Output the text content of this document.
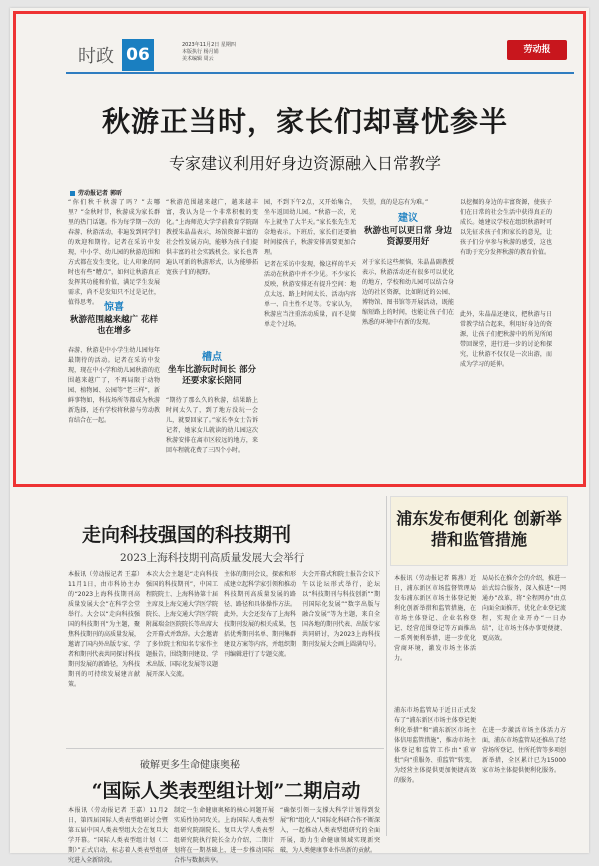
时政 06	2023年11月2日 星期四
本版执行 杨月娟
美术编辑 周云
劳动报
秋游正当时，家长们却喜忧参半
专家建议利用好身边资源融入日常教学
劳动报记者 郭昕
“你们秋千秋游了吗？”去哪里？”金秋时节，秋游成为家长群里的热门话题。作为每学期一次的春游、秋游活动，非遍发到同学们的欢迎和期待。记者在采访中发现，中小学、幼儿园的秋游范围和方式都在发生变化，让人印象的同时也有些“糟点”，如何让秋游真正发挥其功能和价值，满足学生发展需求，尚不是发知只不过是记住，值得思考。 惊喜
秋游范围越来越广 花样也在增多
春游、秋游是中小学生幼儿园每年最期待的活动。记者在采访中发现，现在中小学和幼儿园秋游的范围越来越广了，不再局限于动物园、植物园、公园等“老三样”，新鲜事物如，科技场所等都成为秋游新选择，还有学校将秋游与劳动教育结合在一起。
“秋游范围越来越广，越来越丰富，我认为是一个非常积极的变化。”上海师范大学学前教育学院副教授朱晶晶表示，场馆资源丰富的社会性发展方向，能够为孩子们提供丰富的社会实践机会。家长也普遍认可新的秋游形式，认为能够拓宽孩子们的视野。
槽点
坐车比游玩时间长 部分还要求家长陪同
“期待了那么久的秋游，结果路上时间太久了，到了地方没玩一会儿，就要回家了。”家长李女士告诉记者，她家女儿就读的幼儿园这次秋游安排在离市区较远的地方，来回车程就花费了三四个小时。
园，不到下午2点，又开始集合，坐车返回幼儿园。“秋游一次，光车上就坐了大半天。”家长张先生无奈地表示。下班后，家长们还要抽时间接孩子，秋游安排需要更加合理。
记者在采访中发现，像这样的半天活动在秋游中并不少见。不少家长反映，秋游安排还有提升空间：地点太远、路上时间太长、活动内容单一、自主性不足等。专家认为，秋游应当注重活动质量，而不是简单走个过场。
失望，真的是忘有为难。”
建议
秋游也可以更日常 身边资源要用好
对于家长这些烦恼，朱晶晶副教授表示，秋游活动还有很多可以优化的地方，学校和幼儿园可以结合身边的社区资源，比如附近的公园、博物馆、图书馆等开展活动，既能缩短路上的时间，也能让孩子们在熟悉的环境中有新的发现。
以挖掘的身边的丰富资源，使孩子们在日常的社会生活中获得真正的成长。她建议学校在组织秋游时可以先征求孩子们和家长的意见，让孩子们分享参与秋游的感受，这也有助于充分发挥秋游的教育价值。
此外，朱晶晶还建议，把秋游与日常教学结合起来，利用好身边的资源，让孩子们把秋游中的所见所闻带回课堂，进行进一步的讨论和探究，让秋游不仅仅是一次出游，而成为学习的延伸。
走向科技强国的科技期刊
2023上海科技期刊高质量发展大会举行
本报讯（劳动报记者 王嘉）11月1日，由市科协主办的“2023上海科技期刊高质量发展大会”在科学会堂举行。大会以“走向科技强国的科技期刊”为主题，聚焦科技期刊的高质量发展，邀请了国内外出版专家、学者和期刊代表共同探讨科技期刊发展的新路径，为科技期刊的可持续发展建言献策。
本次大会主题是“走向科技强国的科技期刊”，中国工程院院士、上海科协第十届主席及上海交通大学医学院院长、上海交通大学医学院附属瑞金医院院长等出席大会开幕式并致辞。大会邀请了多位院士和知名专家作主题报告，围绕期刊建设、学术出版、国际化发展等议题展开深入交流。
主体的期刊会议，探索和形成建立起科学家引领和推动科技期刊高质量发展的路径、路径和具体操作方法。此外，大会还发布了上海科技期刊发展的相关成果，包括优秀期刊名单、期刊集群建设方案等内容，并组织期刊编辑进行了专题交流。
大会开幕式和院士报告会议下午以论坛形式举行，论坛以“科技期刊与科技创新”“期刊国际化发展”“数字出版与融合发展”等为主题，来自全国各地的期刊代表、出版专家共同研讨，为2023上海科技期刊发展大会画上圆满句号。
浦东发布便利化 创新举措和监管措施
本报讯（劳动报记者 陈燕）近日，浦东新区市场监督管理局发布浦东新区市场主体登记便利化创新举措和监管措施，在市场主体登记、企业名称登记、经营范围登记等方面推出一系列便利举措，进一步优化营商环境，激发市场主体活力。
浦东市场监管局于近日正式发布了“浦东新区市场主体登记便利化举措”和“浦东新区市场主体信用监管措施”，推动市场主体登记和监管工作由“重审批”向“重服务、重监管”转变，为经营主体提供更加便捷高效的服务。
局局长在推介会的介绍，推进一站式综合服务，深入推进“一网通办”改革，将“全程网办”由点向面全面推开，优化企业登记流程，实现企业开办“一日办结”，让市场主体办事更便捷、更高效。
在进一步激活市场主体活力方面，浦东市场监管局还推出了经营场所登记、住所托管等多项创新举措，全区累计已为15000家市场主体提供便利化服务。
破解更多生命健康奥秘
“国际人类表型组计划”二期启动
本报讯（劳动报记者 王嘉）11月2日，第四届国际人类表型组研讨会暨第五届中国人类表型组大会在复旦大学开幕。“国际人类表型组计划（二期）”正式启动，标志着人类表型组研究进入全新阶段。
制定一生命健康奥秘的核心问题开展实质性协同攻关。上海国际人类表型组研究院副院长、复旦大学人类表型组研究院执行院长金力介绍，二期计划将在一期基础上，进一步推动国际合作与数据共享。
“确保引领一支撑大科学计划得到发展”和“组化人”国际化科研合作不断深入，一起推动人类表型组研究的全面开展，助力生命健康领域实现新突破，为人类健康事业作出新的贡献。
